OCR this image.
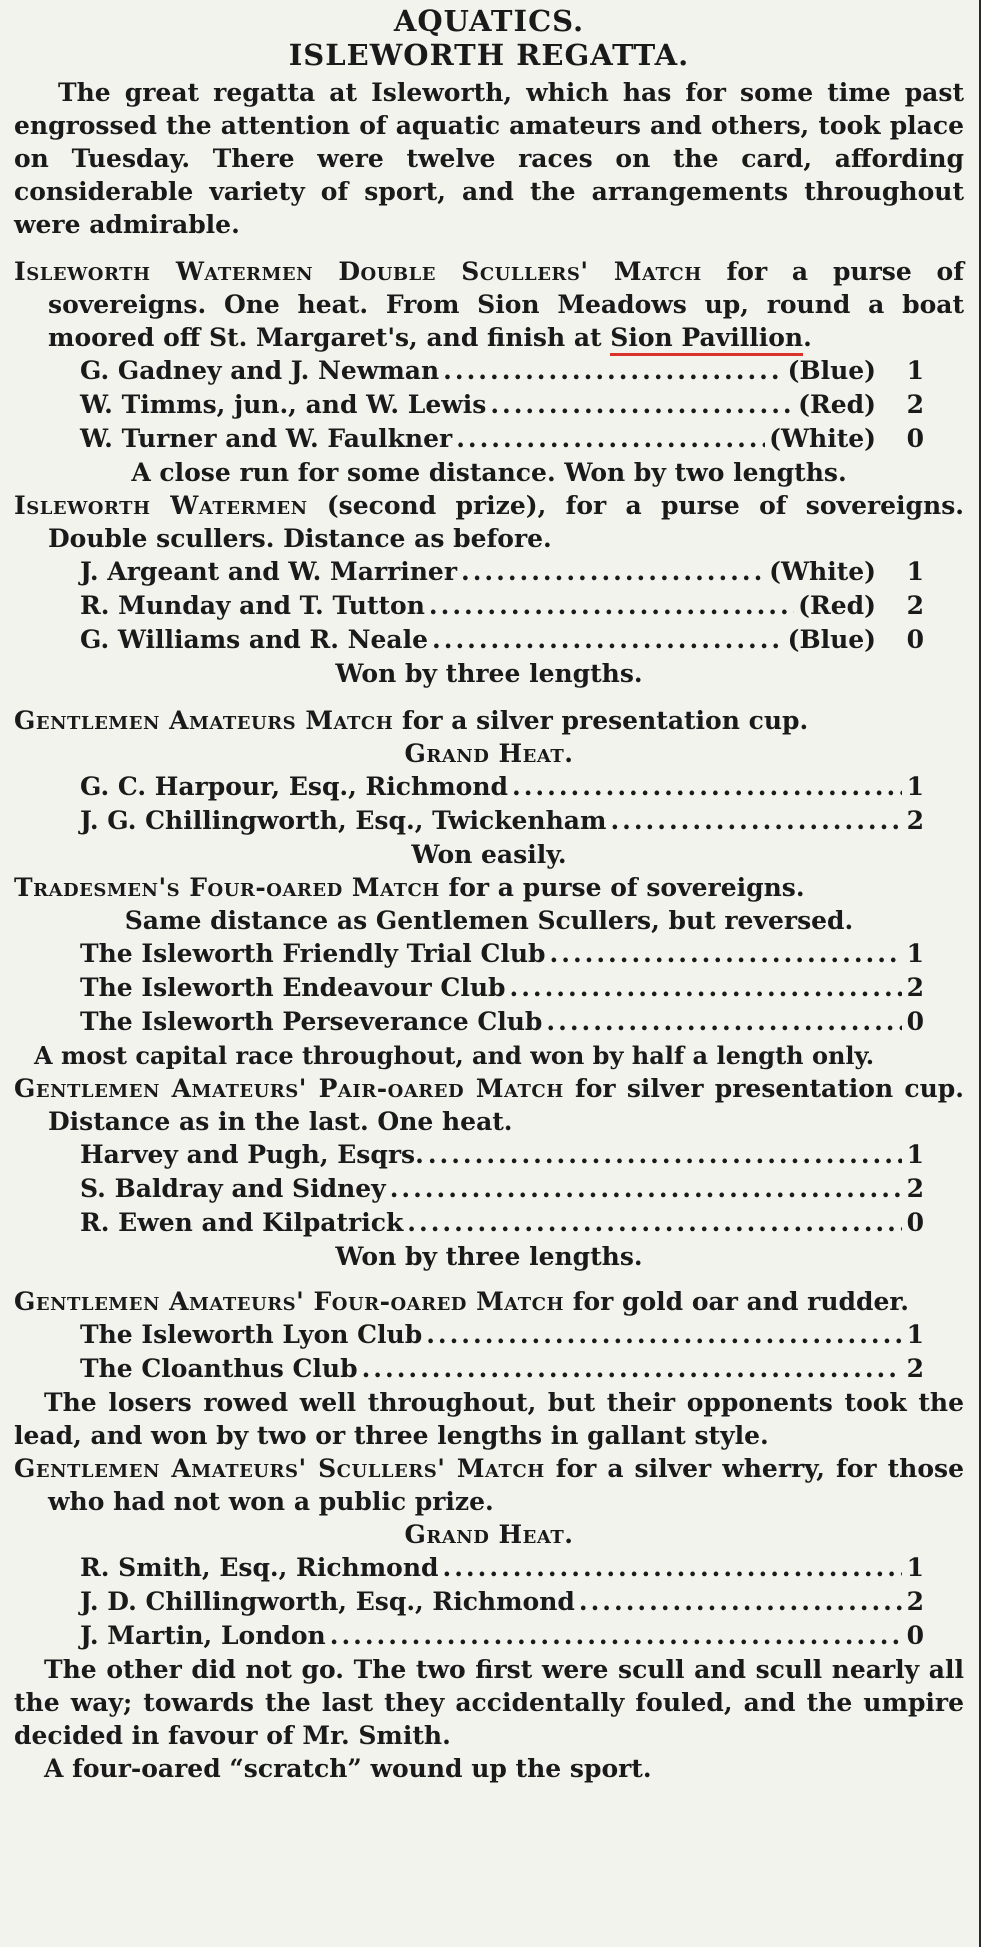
AQUATICS.
ISLEWORTH REGATTA.
The great regatta at Isleworth, which has for some time past engrossed the attention of aquatic amateurs and others, took place on Tuesday. There were twelve races on the card, affording considerable variety of sport, and the arrangements throughout were admirable.
Isleworth Watermen Double Scullers' Match for a purse of sovereigns. One heat. From Sion Meadows up, round a boat moored off St. Margaret's, and finish at Sion Pavillion.
G. Gadney and J. Newman .....	(Blue) 1
W. Timms, jun., and W. Lewis .....	(Red) 2
W. Turner and W. Faulkner .....	(White) 0
A close run for some distance. Won by two lengths.
Isleworth Watermen (second prize), for a purse of sovereigns. Double scullers. Distance as before.
J. Argeant and W. Marriner .....	(White) 1
R. Munday and T. Tutton .....	(Red) 2
G. Williams and R. Neale .....	(Blue) 0
Won by three lengths.
Gentlemen Amateurs Match for a silver presentation cup.
Grand Heat.
G. C. Harpour, Esq., Richmond .....	1
J. G. Chillingworth, Esq., Twickenham .....	2
Won easily.
Tradesmen's Four-oared Match for a purse of sovereigns.
Same distance as Gentlemen Scullers, but reversed.
The Isleworth Friendly Trial Club .....	1
The Isleworth Endeavour Club .....	2
The Isleworth Perseverance Club .....	0
A most capital race throughout, and won by half a length only.
Gentlemen Amateurs' Pair-oared Match for silver presentation cup. Distance as in the last. One heat.
Harvey and Pugh, Esqrs. .....	1
S. Baldray and Sidney .....	2
R. Ewen and Kilpatrick .....	0
Won by three lengths.
Gentlemen Amateurs' Four-oared Match for gold oar and rudder.
The Isleworth Lyon Club .....	1
The Cloanthus Club .....	2
The losers rowed well throughout, but their opponents took the lead, and won by two or three lengths in gallant style.
Gentlemen Amateurs' Scullers' Match for a silver wherry, for those who had not won a public prize.
Grand Heat.
R. Smith, Esq., Richmond .....	1
J. D. Chillingworth, Esq., Richmond .....	2
J. Martin, London .....	0
The other did not go. The two first were scull and scull nearly all the way; towards the last they accidentally fouled, and the umpire decided in favour of Mr. Smith.
A four-oared “scratch” wound up the sport.
